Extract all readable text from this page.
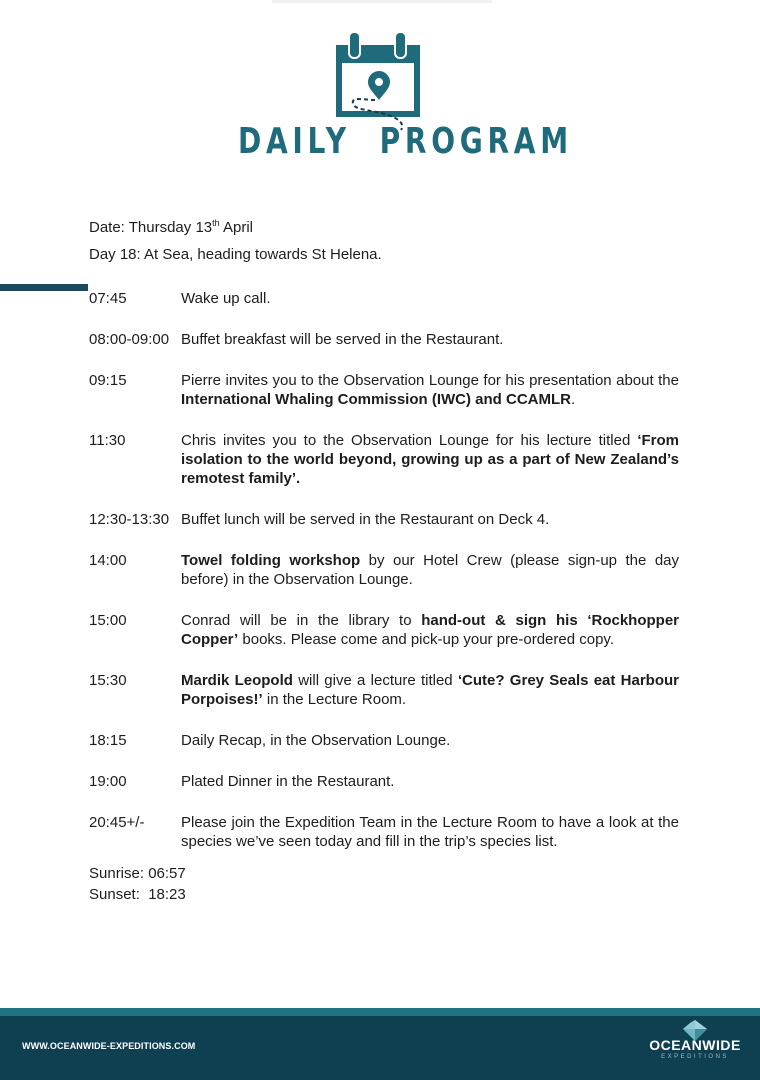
DAILY  PROGRAM
Date: Thursday 13th April
Day 18: At Sea, heading towards St Helena.
07:45	Wake up call.
08:00-09:00 Buffet breakfast will be served in the Restaurant.
09:15	Pierre invites you to the Observation Lounge for his presentation about the International Whaling Commission (IWC) and CCAMLR.
11:30	Chris invites you to the Observation Lounge for his lecture titled ‘From isolation to the world beyond, growing up as a part of New Zealand’s remotest family’.
12:30-13:30 Buffet lunch will be served in the Restaurant on Deck 4.
14:00	Towel folding workshop by our Hotel Crew (please sign-up the day before) in the Observation Lounge.
15:00	Conrad will be in the library to hand-out & sign his ‘Rockhopper Copper’ books. Please come and pick-up your pre-ordered copy.
15:30	Mardik Leopold will give a lecture titled ‘Cute? Grey Seals eat Harbour Porpoises!’ in the Lecture Room.
18:15	Daily Recap, in the Observation Lounge.
19:00	Plated Dinner in the Restaurant.
20:45+/-	Please join the Expedition Team in the Lecture Room to have a look at the species we’ve seen today and fill in the trip’s species list.
Sunrise: 06:57
Sunset:  18:23
WWW.OCEANWIDE-EXPEDITIONS.COM	OCEANWIDE
EXPEDITIONS
